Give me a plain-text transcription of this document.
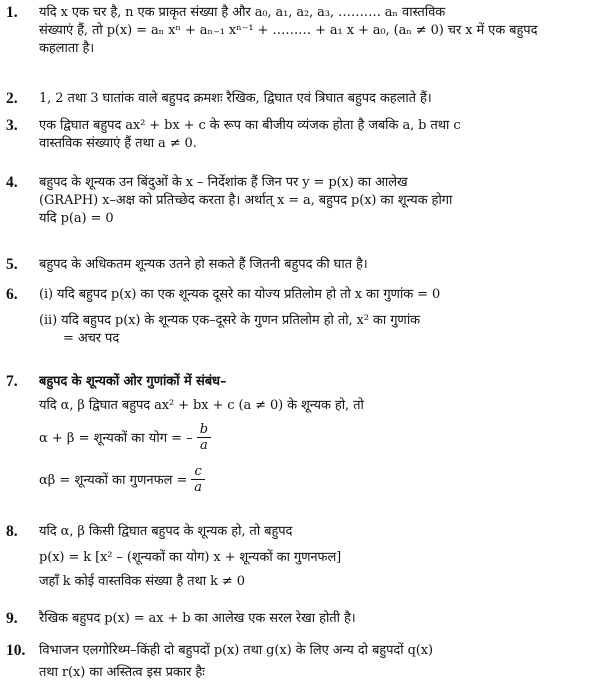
1.	यदि x एक चर है, n एक प्राकृत संख्या है और a₀, a₁, a₂, a₃, ………. aₙ वास्तविक
संख्याएं हैं, तो p(x) = aₙ xⁿ + aₙ₋₁ xⁿ⁻¹ + ……… + a₁ x + a₀, (aₙ ≠ 0) चर x में एक बहुपद
कहलाता है।
2.	1, 2 तथा 3 घातांक वाले बहुपद क्रमशः रैखिक, द्विघात एवं त्रिघात बहुपद कहलाते हैं।
3.	एक द्विघात बहुपद ax² + bx + c के रूप का बीजीय व्यंजक होता है जबकि a, b तथा c
वास्तविक संख्याएं हैं तथा a ≠ 0.
4.	बहुपद के शून्यक उन बिंदुओं के x – निर्देशांक हैं जिन पर y = p(x) का आलेख
(GRAPH) x–अक्ष को प्रतिच्छेद करता है। अर्थात् x = a, बहुपद p(x) का शून्यक होगा
यदि p(a) = 0
5.	बहुपद के अधिकतम शून्यक उतने हो सकते हैं जितनी बहुपद की घात है।
6.	(i) यदि बहुपद p(x) का एक शून्यक दूसरे का योज्य प्रतिलोम हो तो x का गुणांक = 0
(ii) यदि बहुपद p(x) के शून्यक एक–दूसरे के गुणन प्रतिलोम हो तो, x² का गुणांक
= अचर पद
7.	बहुपद के शून्यकों ओर गुणांकों में संबंध–
यदि α, β द्विघात बहुपद ax² + bx + c (a ≠ 0) के शून्यक हो, तो
α + β = शून्यकों का योग = – $\frac{b}{a}$
αβ = शून्यकों का गुणनफल = $\frac{c}{a}$
8.	यदि α, β किसी द्विघात बहुपद के शून्यक हो, तो बहुपद
p(x) = k [x² – (शून्यकों का योग) x + शून्यकों का गुणनफल]
जहाँ k कोई वास्तविक संख्या है तथा k ≠ 0
9.	रैखिक बहुपद p(x) = ax + b का आलेख एक सरल रेखा होती है।
10.	विभाजन एलगोरिथ्म–किंही दो बहुपदों p(x) तथा g(x) के लिए अन्य दो बहुपदों q(x)
तथा r(x) का अस्तित्व इस प्रकार हैः
